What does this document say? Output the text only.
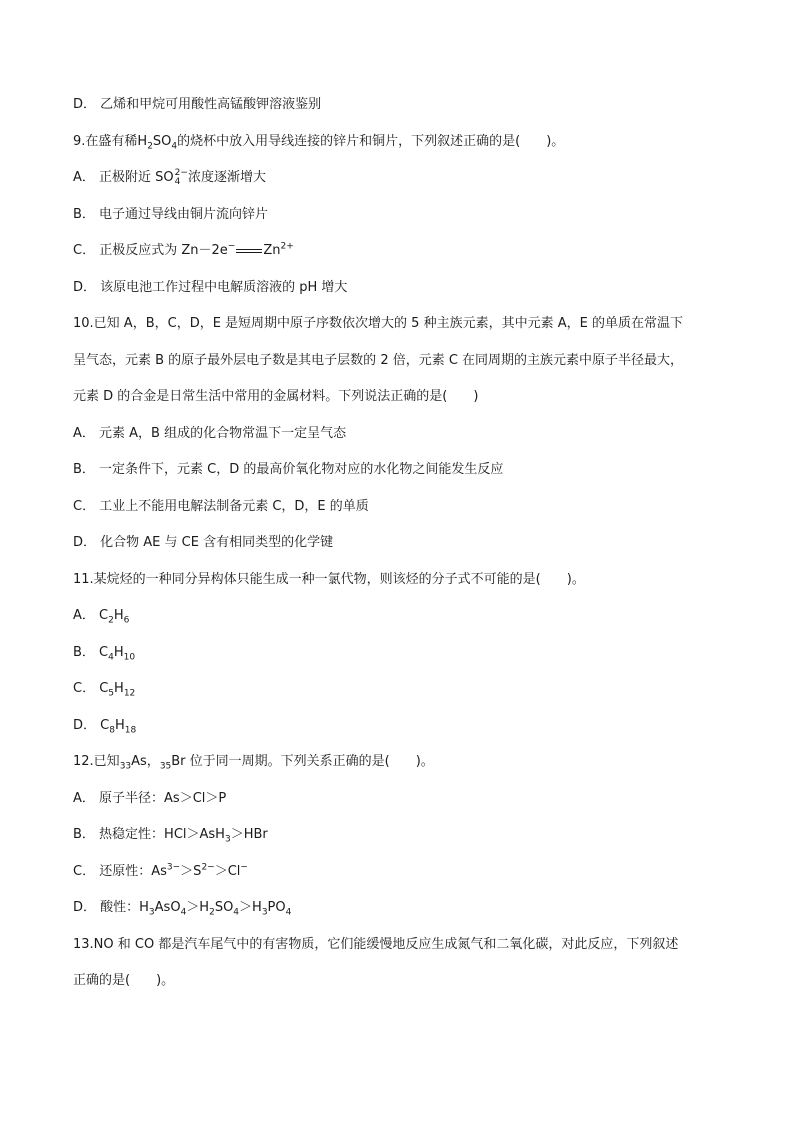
D． 乙烯和甲烷可用酸性高锰酸钾溶液鉴别

9.在盛有稀$H_2SO_4$的烧杯中放入用导线连接的锌片和铜片，下列叙述正确的是(　　)。

A． 正极附近 SO 2−
4 浓度逐渐增大

B． 电子通过导线由铜片流向锌片

C． 正极反应式为 Zn－2e− $Zn^{2+}$

D． 该原电池工作过程中电解质溶液的 pH 增大

10.已知 A，B，C，D，E 是短周期中原子序数依次增大的 5 种主族元素，其中元素 A，E 的单质在常温下

呈气态，元素 B 的原子最外层电子数是其电子层数的 2 倍，元素 C 在同周期的主族元素中原子半径最大，

元素 D 的合金是日常生活中常用的金属材料。下列说法正确的是(　　)

A． 元素 A，B 组成的化合物常温下一定呈气态

B． 一定条件下，元素 C，D 的最高价氧化物对应的水化物之间能发生反应

C． 工业上不能用电解法制备元素 C，D，E 的单质

D． 化合物 AE 与 CE 含有相同类型的化学键

11.某烷烃的一种同分异构体只能生成一种一氯代物，则该烃的分子式不可能的是(　　)。

A． $C_2H_6$

B． $C_4H_{10}$

C． $C_5H_{12}$

D． $C_8H_{18}$

12.已知$_{33}$As，$_{35}$Br 位于同一周期。下列关系正确的是(　　)。

A． 原子半径：As＞Cl＞P

B． 热稳定性：HCl＞AsH$_3$＞HBr

C． 还原性：$As^{3-}>S^{2-}>Cl^-$

D． 酸性：$H_3AsO_4>H_2SO_4>H_3PO_4$

13.NO 和 CO 都是汽车尾气中的有害物质，它们能缓慢地反应生成氮气和二氧化碳，对此反应，下列叙述

正确的是(　　)。
